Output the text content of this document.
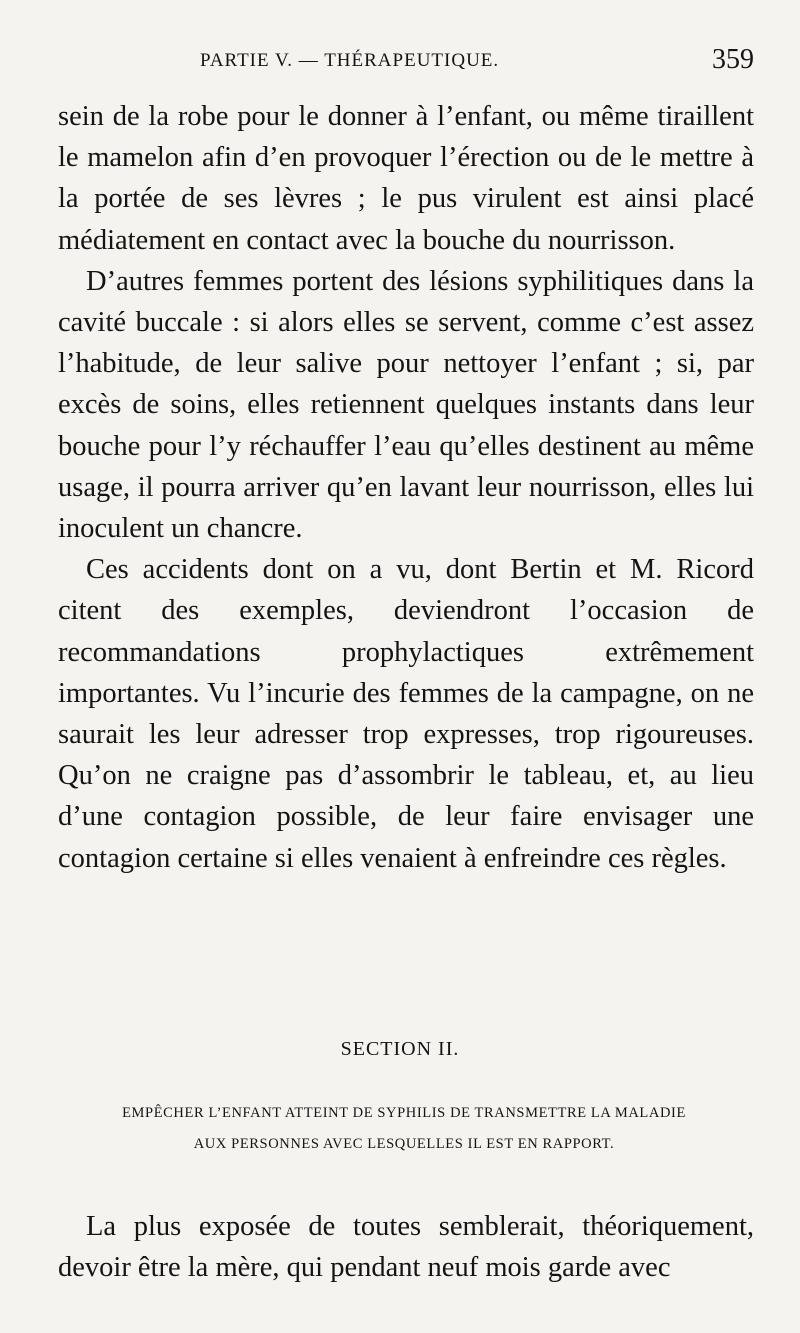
PARTIE V. — THÉRAPEUTIQUE.	359

sein de la robe pour le donner à l’enfant, ou même tiraillent le mamelon afin d’en provoquer l’érection ou de le mettre à la portée de ses lèvres ; le pus virulent est ainsi placé médiatement en contact avec la bouche du nourrisson.

D’autres femmes portent des lésions syphilitiques dans la cavité buccale : si alors elles se servent, comme c’est assez l’habitude, de leur salive pour nettoyer l’enfant ; si, par excès de soins, elles retiennent quelques instants dans leur bouche pour l’y réchauffer l’eau qu’elles destinent au même usage, il pourra arriver qu’en lavant leur nourrisson, elles lui inoculent un chancre.

Ces accidents dont on a vu, dont Bertin et M. Ricord citent des exemples, deviendront l’occasion de recommandations prophylactiques extrêmement importantes. Vu l’incurie des femmes de la campagne, on ne saurait les leur adresser trop expresses, trop rigoureuses. Qu’on ne craigne pas d’assombrir le tableau, et, au lieu d’une contagion possible, de leur faire envisager une contagion certaine si elles venaient à enfreindre ces règles.

SECTION II.
EMPÊCHER L’ENFANT ATTEINT DE SYPHILIS DE TRANSMETTRE LA MALADIE
AUX PERSONNES AVEC LESQUELLES IL EST EN RAPPORT.

La plus exposée de toutes semblerait, théoriquement, devoir être la mère, qui pendant neuf mois garde avec
